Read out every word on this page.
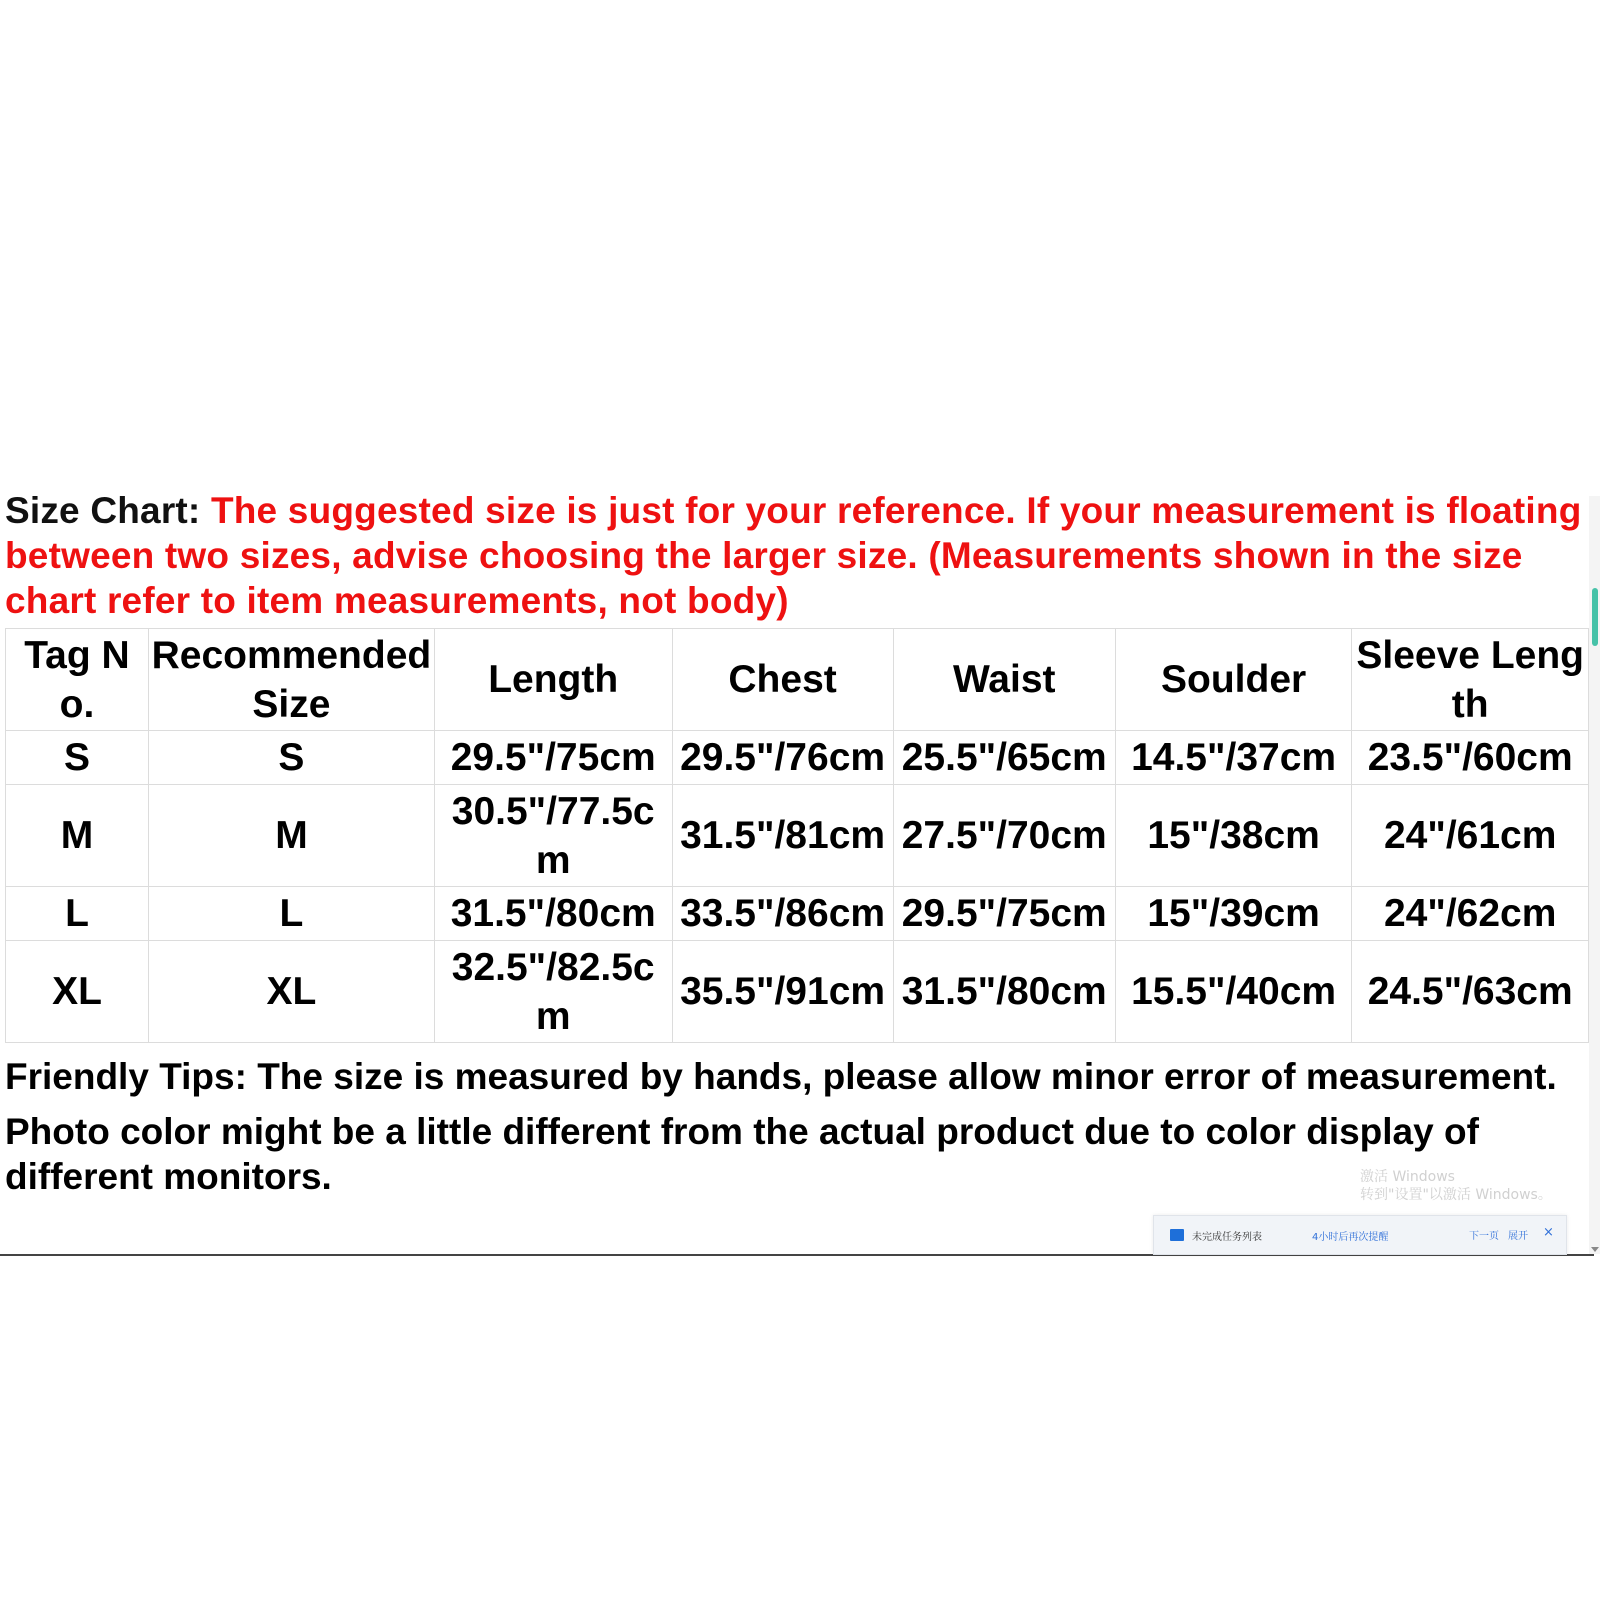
Size Chart: The suggested size is just for your reference. If your measurement is floating between two sizes, advise choosing the larger size. (Measurements shown in the size chart refer to item measurements, not body)

Tag No.	Recommended Size	Length	Chest	Waist	Soulder	Sleeve Length
S	S	29.5"/75cm	29.5"/76cm	25.5"/65cm	14.5"/37cm	23.5"/60cm
M	M	30.5"/77.5cm	31.5"/81cm	27.5"/70cm	15"/38cm	24"/61cm
L	L	31.5"/80cm	33.5"/86cm	29.5"/75cm	15"/39cm	24"/62cm
XL	XL	32.5"/82.5cm	35.5"/91cm	31.5"/80cm	15.5"/40cm	24.5"/63cm

Friendly Tips: The size is measured by hands, please allow minor error of measurement.

Photo color might be a little different from the actual product due to color display of different monitors.	激活 Windows
转到"设置"以激活 Windows。
未完成任务列表	4小时后再次提醒	下一页 展开 ×
